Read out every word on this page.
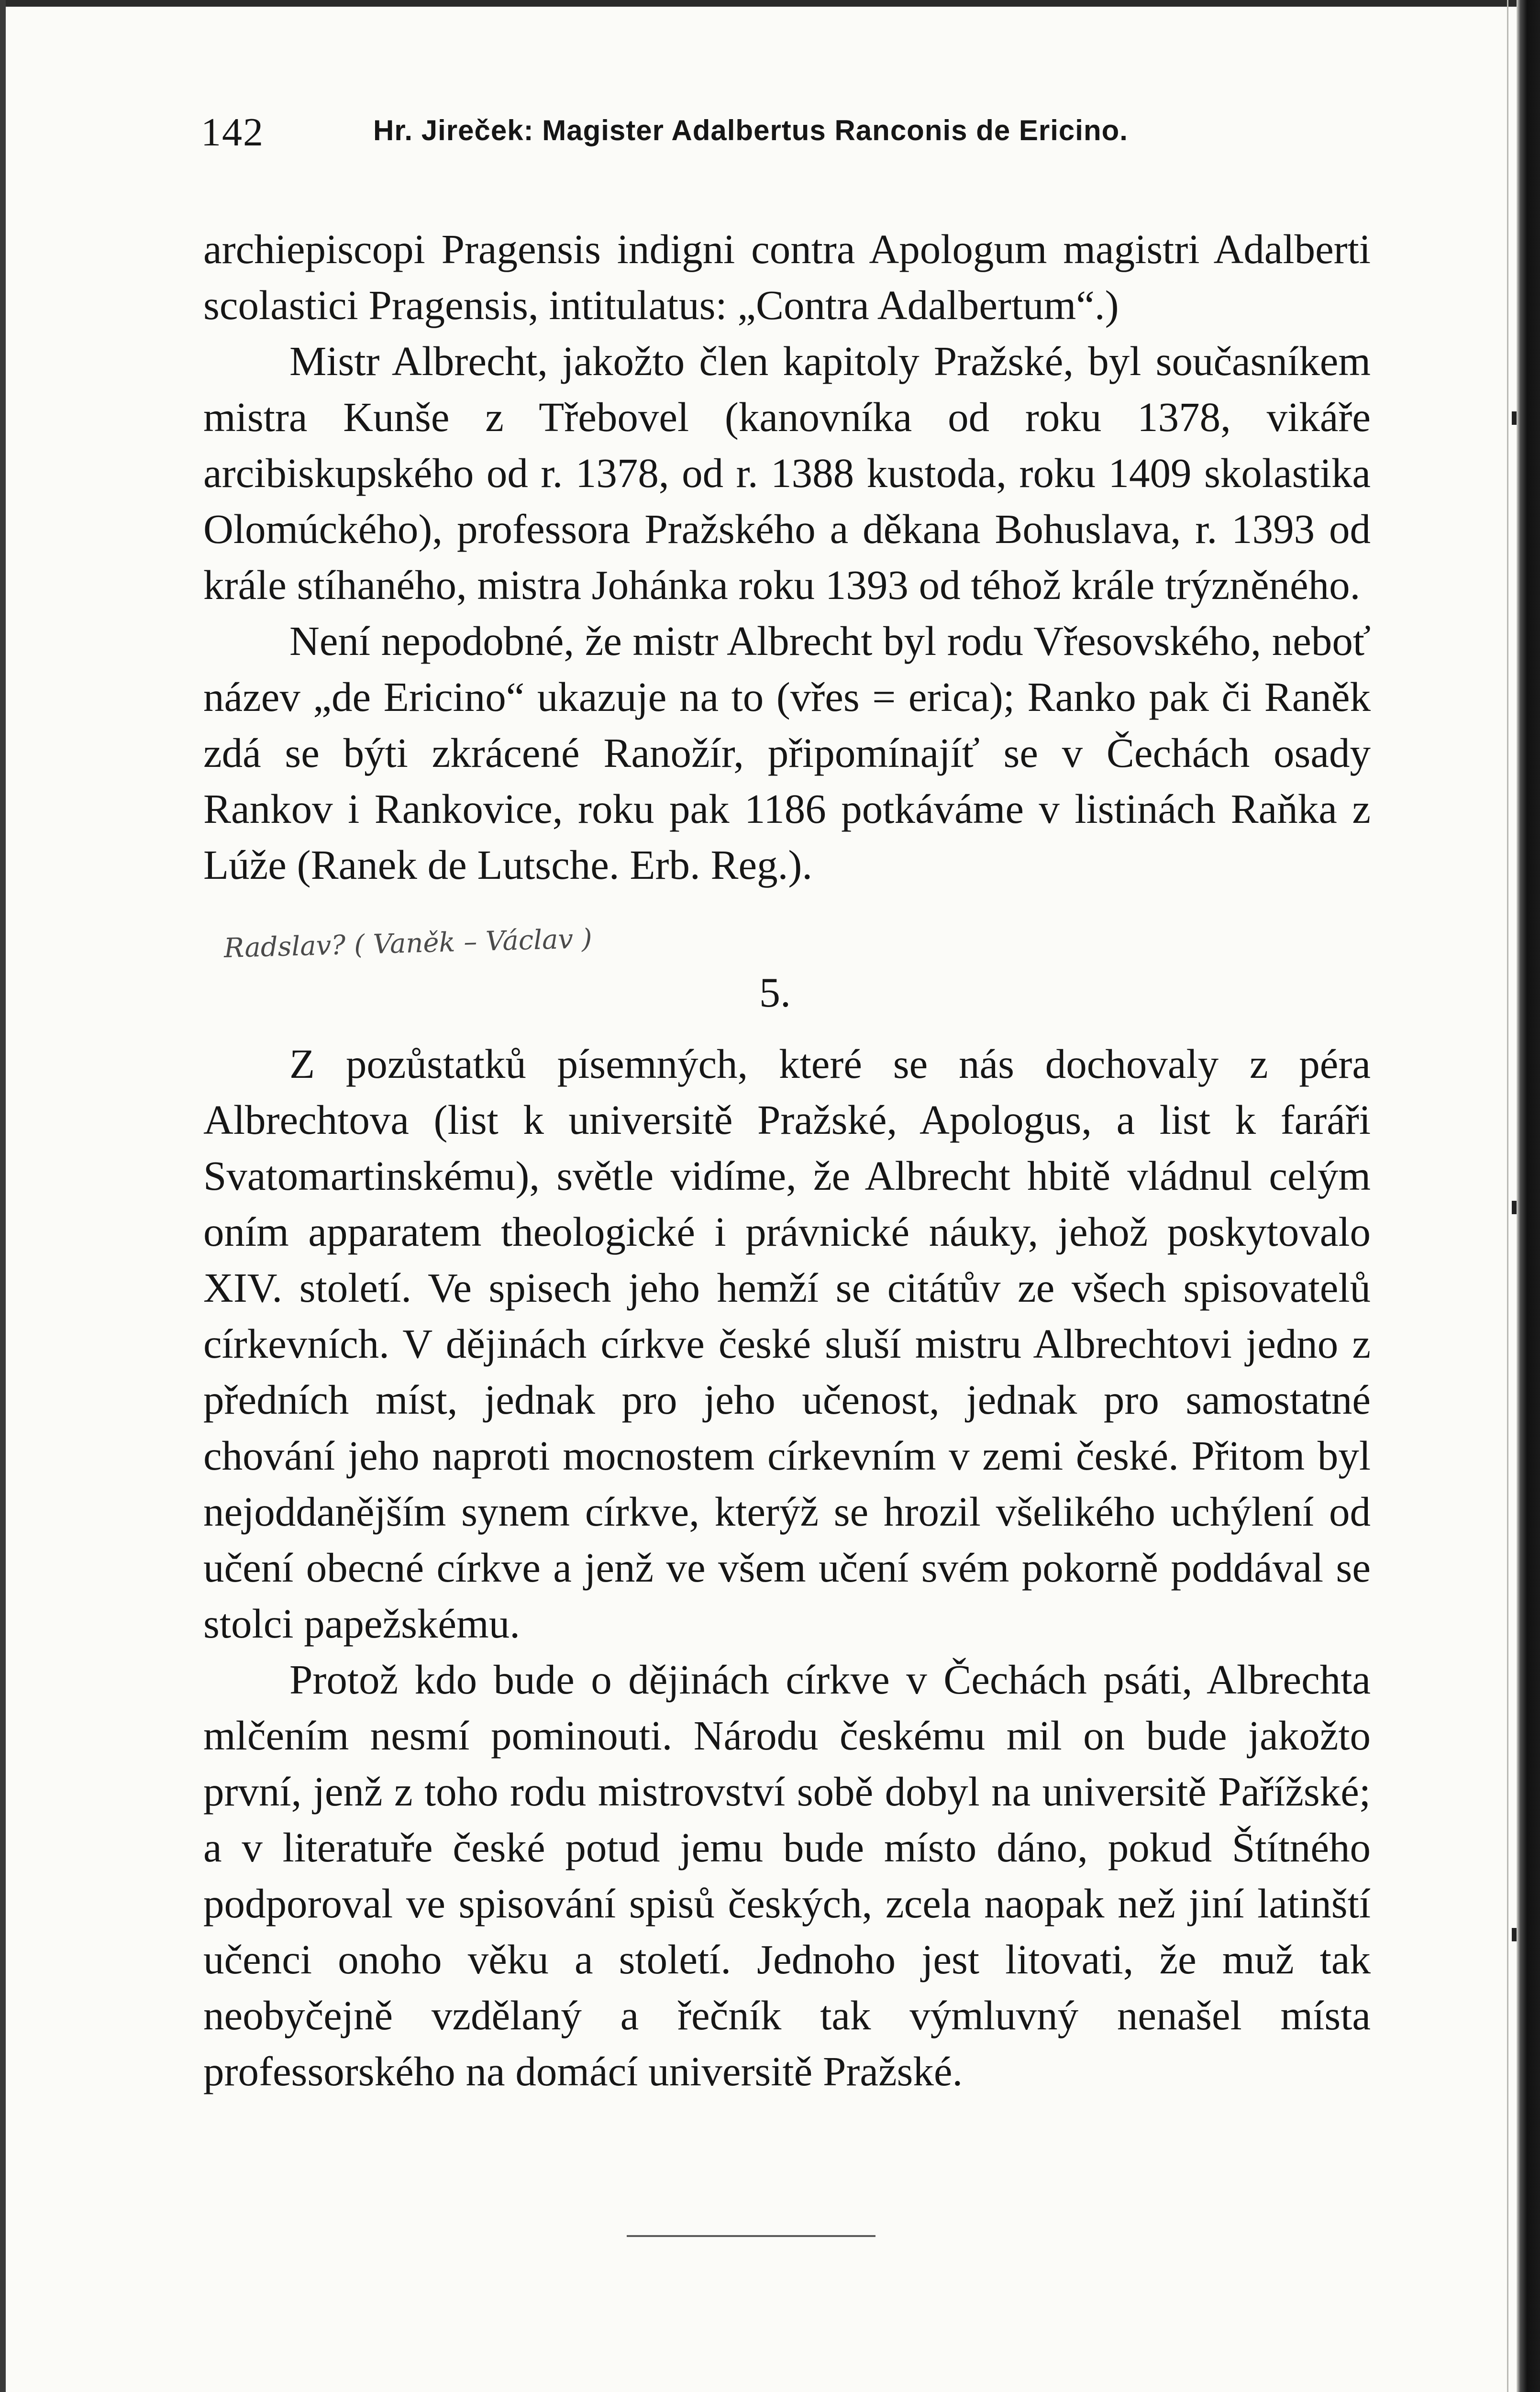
142	Hr. Jireček: Magister Adalbertus Ranconis de Ericino.

archiepiscopi Pragensis indigni contra Apologum magistri Adalberti scolastici Pragensis, intitulatus: „Contra Adalbertum“.)

Mistr Albrecht, jakožto člen kapitoly Pražské, byl současníkem mistra Kunše z Třebovel (kanovníka od roku 1378, vikáře arcibiskupského od r. 1378, od r. 1388 kustoda, roku 1409 skolastika Olomúckého), professora Pražského a děkana Bohuslava, r. 1393 od krále stíhaného, mistra Johánka roku 1393 od téhož krále trýzněného.

Není nepodobné, že mistr Albrecht byl rodu Vřesovského, neboť název „de Ericino“ ukazuje na to (vřes = erica); Ranko pak či Raněk zdá se býti zkrácené Ranožír, připomínajíť se v Čechách osady Rankov i Rankovice, roku pak 1186 potkáváme v listinách Raňka z Lúže (Ranek de Lutsche. Erb. Reg.).

Radslav? ( Vaněk – Václav )
5.

Z pozůstatků písemných, které se nás dochovaly z péra Albrechtova (list k universitě Pražské, Apologus, a list k faráři Svatomartinskému), světle vidíme, že Albrecht hbitě vládnul celým oním apparatem theologické i právnické náuky, jehož poskytovalo XIV. století. Ve spisech jeho hemží se citátův ze všech spisovatelů církevních. V dějinách církve české sluší mistru Albrechtovi jedno z předních míst, jednak pro jeho učenost, jednak pro samostatné chování jeho naproti mocnostem církevním v zemi české. Přitom byl nejoddanějším synem církve, kterýž se hrozil všelikého uchýlení od učení obecné církve a jenž ve všem učení svém pokorně poddával se stolci papežskému.

Protož kdo bude o dějinách církve v Čechách psáti, Albrechta mlčením nesmí pominouti. Národu českému mil on bude jakožto první, jenž z toho rodu mistrovství sobě dobyl na universitě Pařížské; a v literatuře české potud jemu bude místo dáno, pokud Štítného podporoval ve spisování spisů českých, zcela naopak než jiní latinští učenci onoho věku a století. Jednoho jest litovati, že muž tak neobyčejně vzdělaný a řečník tak výmluvný nenašel místa professorského na domácí universitě Pražské.
